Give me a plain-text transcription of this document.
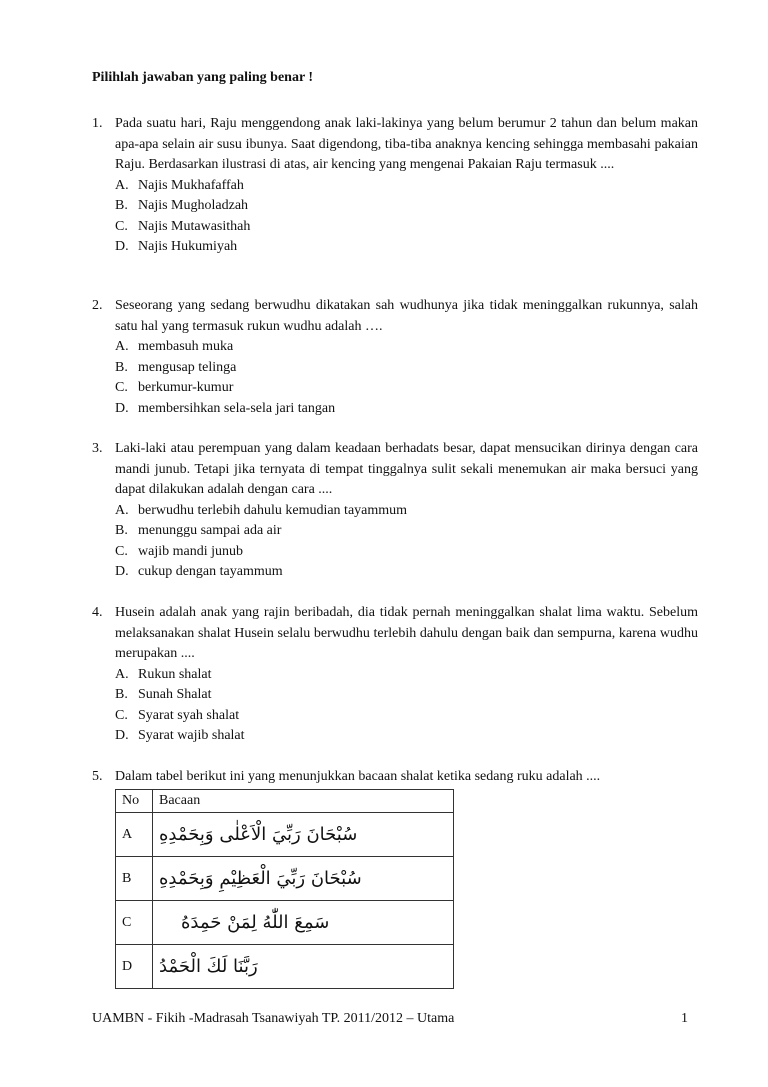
Pilihlah jawaban yang paling benar !
1. Pada suatu hari, Raju menggendong anak laki-lakinya yang belum berumur 2 tahun dan belum makan apa-apa selain air susu ibunya. Saat digendong, tiba-tiba anaknya kencing sehingga membasahi pakaian Raju. Berdasarkan ilustrasi di atas, air kencing yang mengenai Pakaian Raju termasuk ....
A. Najis Mukhafaffah
B. Najis Mugholadzah
C. Najis Mutawasithah
D. Najis Hukumiyah
2. Seseorang yang sedang berwudhu dikatakan sah wudhunya jika tidak meninggalkan rukunnya, salah satu hal yang termasuk rukun wudhu adalah ….
A. membasuh muka
B. mengusap telinga
C. berkumur-kumur
D. membersihkan sela-sela jari tangan
3. Laki-laki atau perempuan yang dalam keadaan berhadats besar, dapat mensucikan dirinya dengan cara mandi junub. Tetapi jika ternyata di tempat tinggalnya sulit sekali menemukan air maka bersuci yang dapat dilakukan adalah dengan cara ....
A. berwudhu terlebih dahulu kemudian tayammum
B. menunggu sampai ada air
C. wajib mandi junub
D. cukup dengan tayammum
4. Husein adalah anak yang rajin beribadah, dia tidak pernah meninggalkan shalat lima waktu. Sebelum melaksanakan shalat Husein selalu berwudhu terlebih dahulu dengan baik dan sempurna, karena wudhu merupakan ....
A. Rukun shalat
B. Sunah Shalat
C. Syarat syah shalat
D. Syarat wajib shalat
5. Dalam tabel berikut ini yang menunjukkan bacaan shalat ketika sedang ruku adalah ....
No	Bacaan
A	سُبْحَانَ رَبِّيَ الْاَعْلٰى وَبِحَمْدِهِ
B	سُبْحَانَ رَبِّيَ الْعَظِيْمِ وَبِحَمْدِهِ
C	سَمِعَ اللّٰهُ لِمَنْ حَمِدَهُ
D	رَبَّنَا لَكَ الْحَمْدُ
UAMBN - Fikih -Madrasah Tsanawiyah TP. 2011/2012 – Utama	1
